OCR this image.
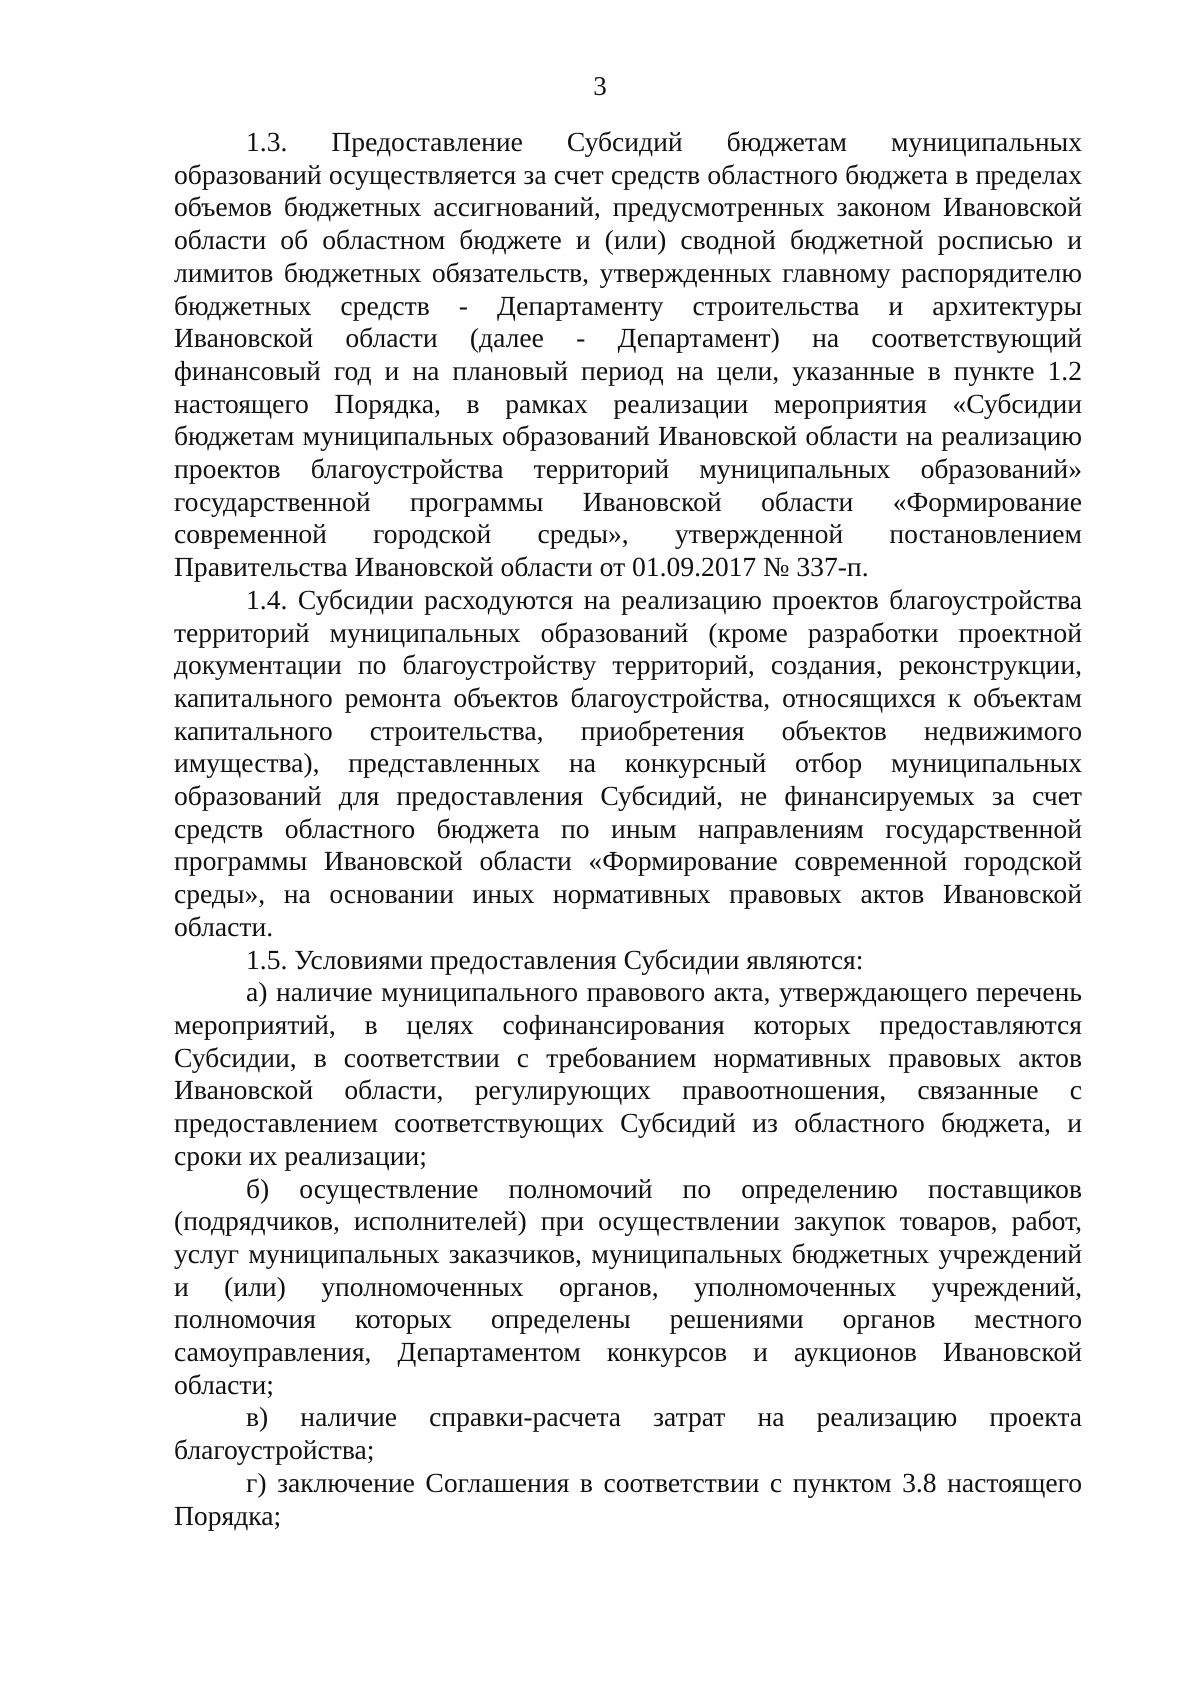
3

1.3. Предоставление Субсидий бюджетам муниципальных образований осуществляется за счет средств областного бюджета в пределах объемов бюджетных ассигнований, предусмотренных законом Ивановской области об областном бюджете и (или) сводной бюджетной росписью и лимитов бюджетных обязательств, утвержденных главному распорядителю бюджетных средств - Департаменту строительства и архитектуры Ивановской области (далее - Департамент) на соответствующий финансовый год и на плановый период на цели, указанные в пункте 1.2 настоящего Порядка, в рамках реализации мероприятия «Субсидии бюджетам муниципальных образований Ивановской области на реализацию проектов благоустройства территорий муниципальных образований» государственной программы Ивановской области «Формирование современной городской среды», утвержденной постановлением Правительства Ивановской области от 01.09.2017 № 337-п.

1.4. Субсидии расходуются на реализацию проектов благоустройства территорий муниципальных образований (кроме разработки проектной документации по благоустройству территорий, создания, реконструкции, капитального ремонта объектов благоустройства, относящихся к объектам капитального строительства, приобретения объектов недвижимого имущества), представленных на конкурсный отбор муниципальных образований для предоставления Субсидий, не финансируемых за счет средств областного бюджета по иным направлениям государственной программы Ивановской области «Формирование современной городской среды», на основании иных нормативных правовых актов Ивановской области.

1.5. Условиями предоставления Субсидии являются:

а) наличие муниципального правового акта, утверждающего перечень мероприятий, в целях софинансирования которых предоставляются Субсидии, в соответствии с требованием нормативных правовых актов Ивановской области, регулирующих правоотношения, связанные с предоставлением соответствующих Субсидий из областного бюджета, и сроки их реализации;

б) осуществление полномочий по определению поставщиков (подрядчиков, исполнителей) при осуществлении закупок товаров, работ, услуг муниципальных заказчиков, муниципальных бюджетных учреждений и (или) уполномоченных органов, уполномоченных учреждений, полномочия которых определены решениями органов местного самоуправления, Департаментом конкурсов и аукционов Ивановской области;

в) наличие справки-расчета затрат на реализацию проекта благоустройства;

г) заключение Соглашения в соответствии с пунктом 3.8 настоящего Порядка;
